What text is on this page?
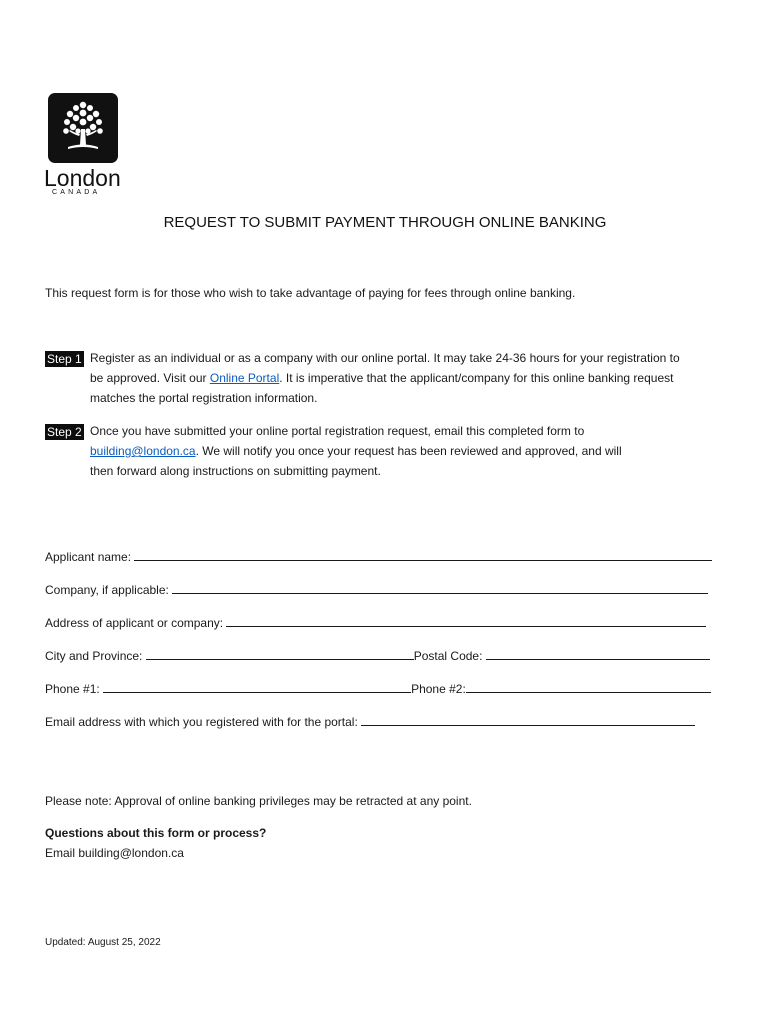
London
CANADA
REQUEST TO SUBMIT PAYMENT THROUGH ONLINE BANKING
This request form is for those who wish to take advantage of paying for fees through online banking.
Step 1 Register as an individual or as a company with our online portal. It may take 24-36 hours for your registration to
be approved. Visit our Online Portal. It is imperative that the applicant/company for this online banking request
matches the portal registration information.
Step 2 Once you have submitted your online portal registration request, email this completed form to
building@london.ca. We will notify you once your request has been reviewed and approved, and will
then forward along instructions on submitting payment.
Applicant name:
Company, if applicable:
Address of applicant or company:
City and Province:	Postal Code:
Phone #1:	Phone #2:
Email address with which you registered with for the portal:
Please note: Approval of online banking privileges may be retracted at any point.
Questions about this form or process?
Email building@london.ca
Updated: August 25, 2022
